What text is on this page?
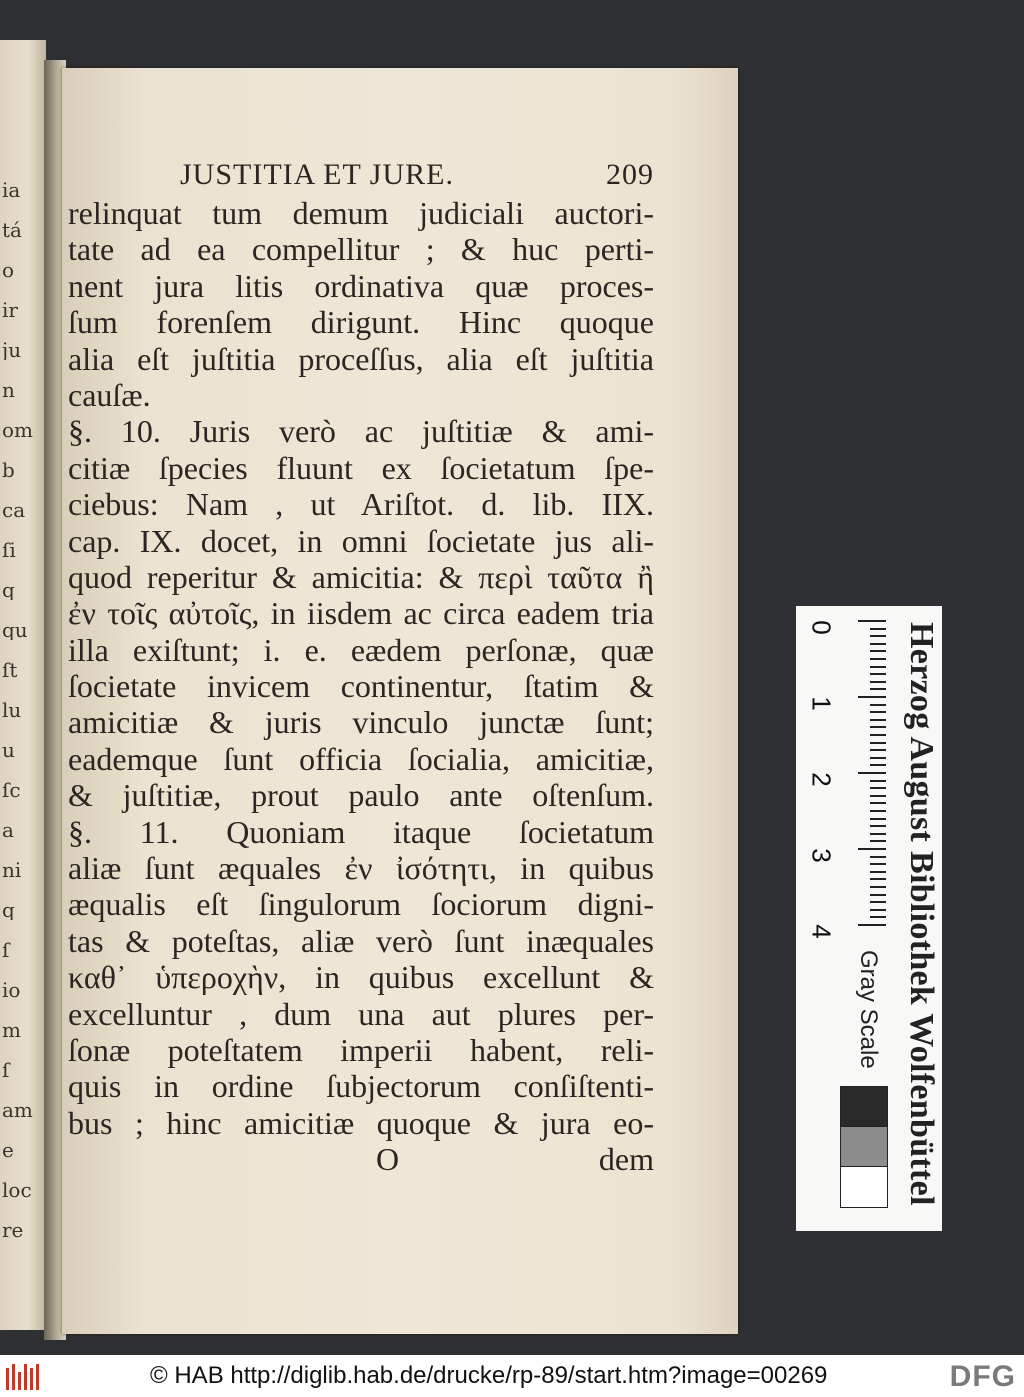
ia
tá
o
ir
ju
n
om
b
ca
ſi
q
qu
ſt
lu
u
ſc
a
ni
q
ſ
io
m
ſ
am
e
loc
re
JUSTITIA ET JURE.	209
relinquat tum demum judiciali auctori-
tate ad ea compellitur ; & huc perti-
nent jura litis ordinativa quæ proces-
ſum forenſem dirigunt. Hinc quoque
alia eſt juſtitia proceſſus, alia eſt juſtitia
cauſæ.
§. 10. Juris verò ac juſtitiæ & ami-
citiæ ſpecies fluunt ex ſocietatum ſpe-
ciebus: Nam , ut Ariſtot. d. lib. IIX.
cap. IX. docet, in omni ſocietate jus ali-
quod reperitur & amicitia: & περὶ ταῦτα ἢ
ἐν τοῖς αὐτοῖς, in iisdem ac circa eadem tria
illa exiſtunt; i. e. eædem perſonæ, quæ
ſocietate invicem continentur, ſtatim &
amicitiæ & juris vinculo junctæ ſunt;
eademque ſunt officia ſocialia, amicitiæ,
& juſtitiæ, prout paulo ante oſtenſum.
§. 11. Quoniam itaque ſocietatum
aliæ ſunt æquales ἐν ἰσότητι, in quibus
æqualis eſt ſingulorum ſociorum digni-
tas & poteſtas, aliæ verò ſunt inæquales
καθ᾽ ὑπεροχὴν, in quibus excellunt &
excelluntur , dum una aut plures per-
ſonæ poteſtatem imperii habent, reli-
quis in ordine ſubjectorum conſiſtenti-
bus ; hinc amicitiæ quoque & jura eo-
O	dem	Herzog August Bibliothek Wolfenbüttel
0
1
2
3
4
Gray Scale
© HAB http://diglib.hab.de/drucke/rp-89/start.htm?image=00269	DFG
